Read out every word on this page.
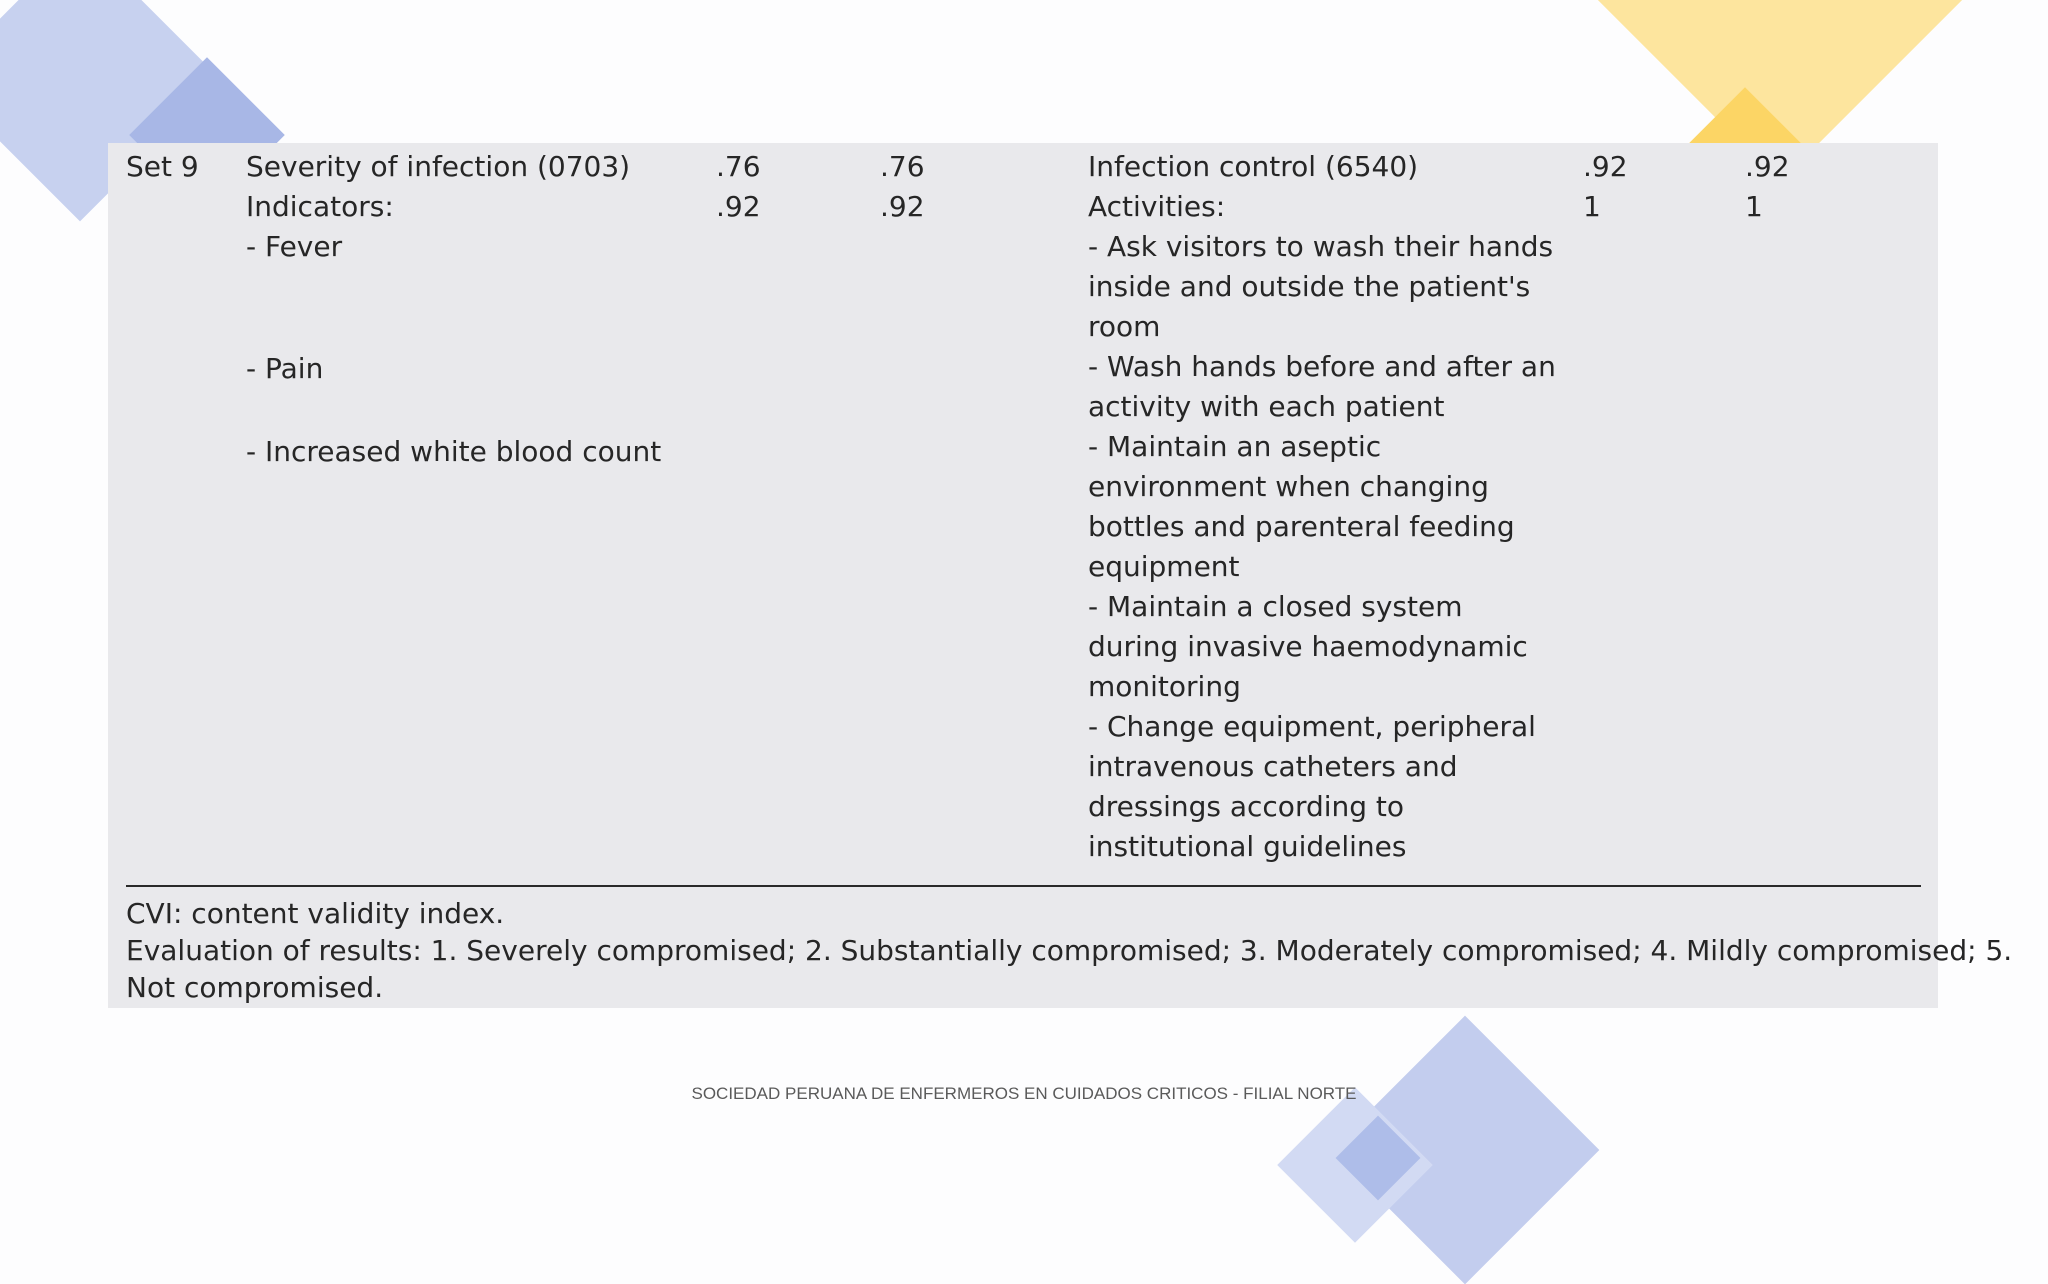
Set 9 Severity of infection (0703)
Indicators:
- Fever
- Pain
- Increased white blood count
.76
.92
.76
.92
Infection control (6540)
Activities:
- Ask visitors to wash their hands
inside and outside the patient's
room
- Wash hands before and after an
activity with each patient
- Maintain an aseptic
environment when changing
bottles and parenteral feeding
equipment
- Maintain a closed system
during invasive haemodynamic
monitoring
- Change equipment, peripheral
intravenous catheters and
dressings according to
institutional guidelines
.92
1
.92
1
CVI: content validity index.
Evaluation of results: 1. Severely compromised; 2. Substantially compromised; 3. Moderately compromised; 4. Mildly compromised; 5.
Not compromised.
SOCIEDAD PERUANA DE ENFERMEROS EN CUIDADOS CRITICOS - FILIAL NORTE
